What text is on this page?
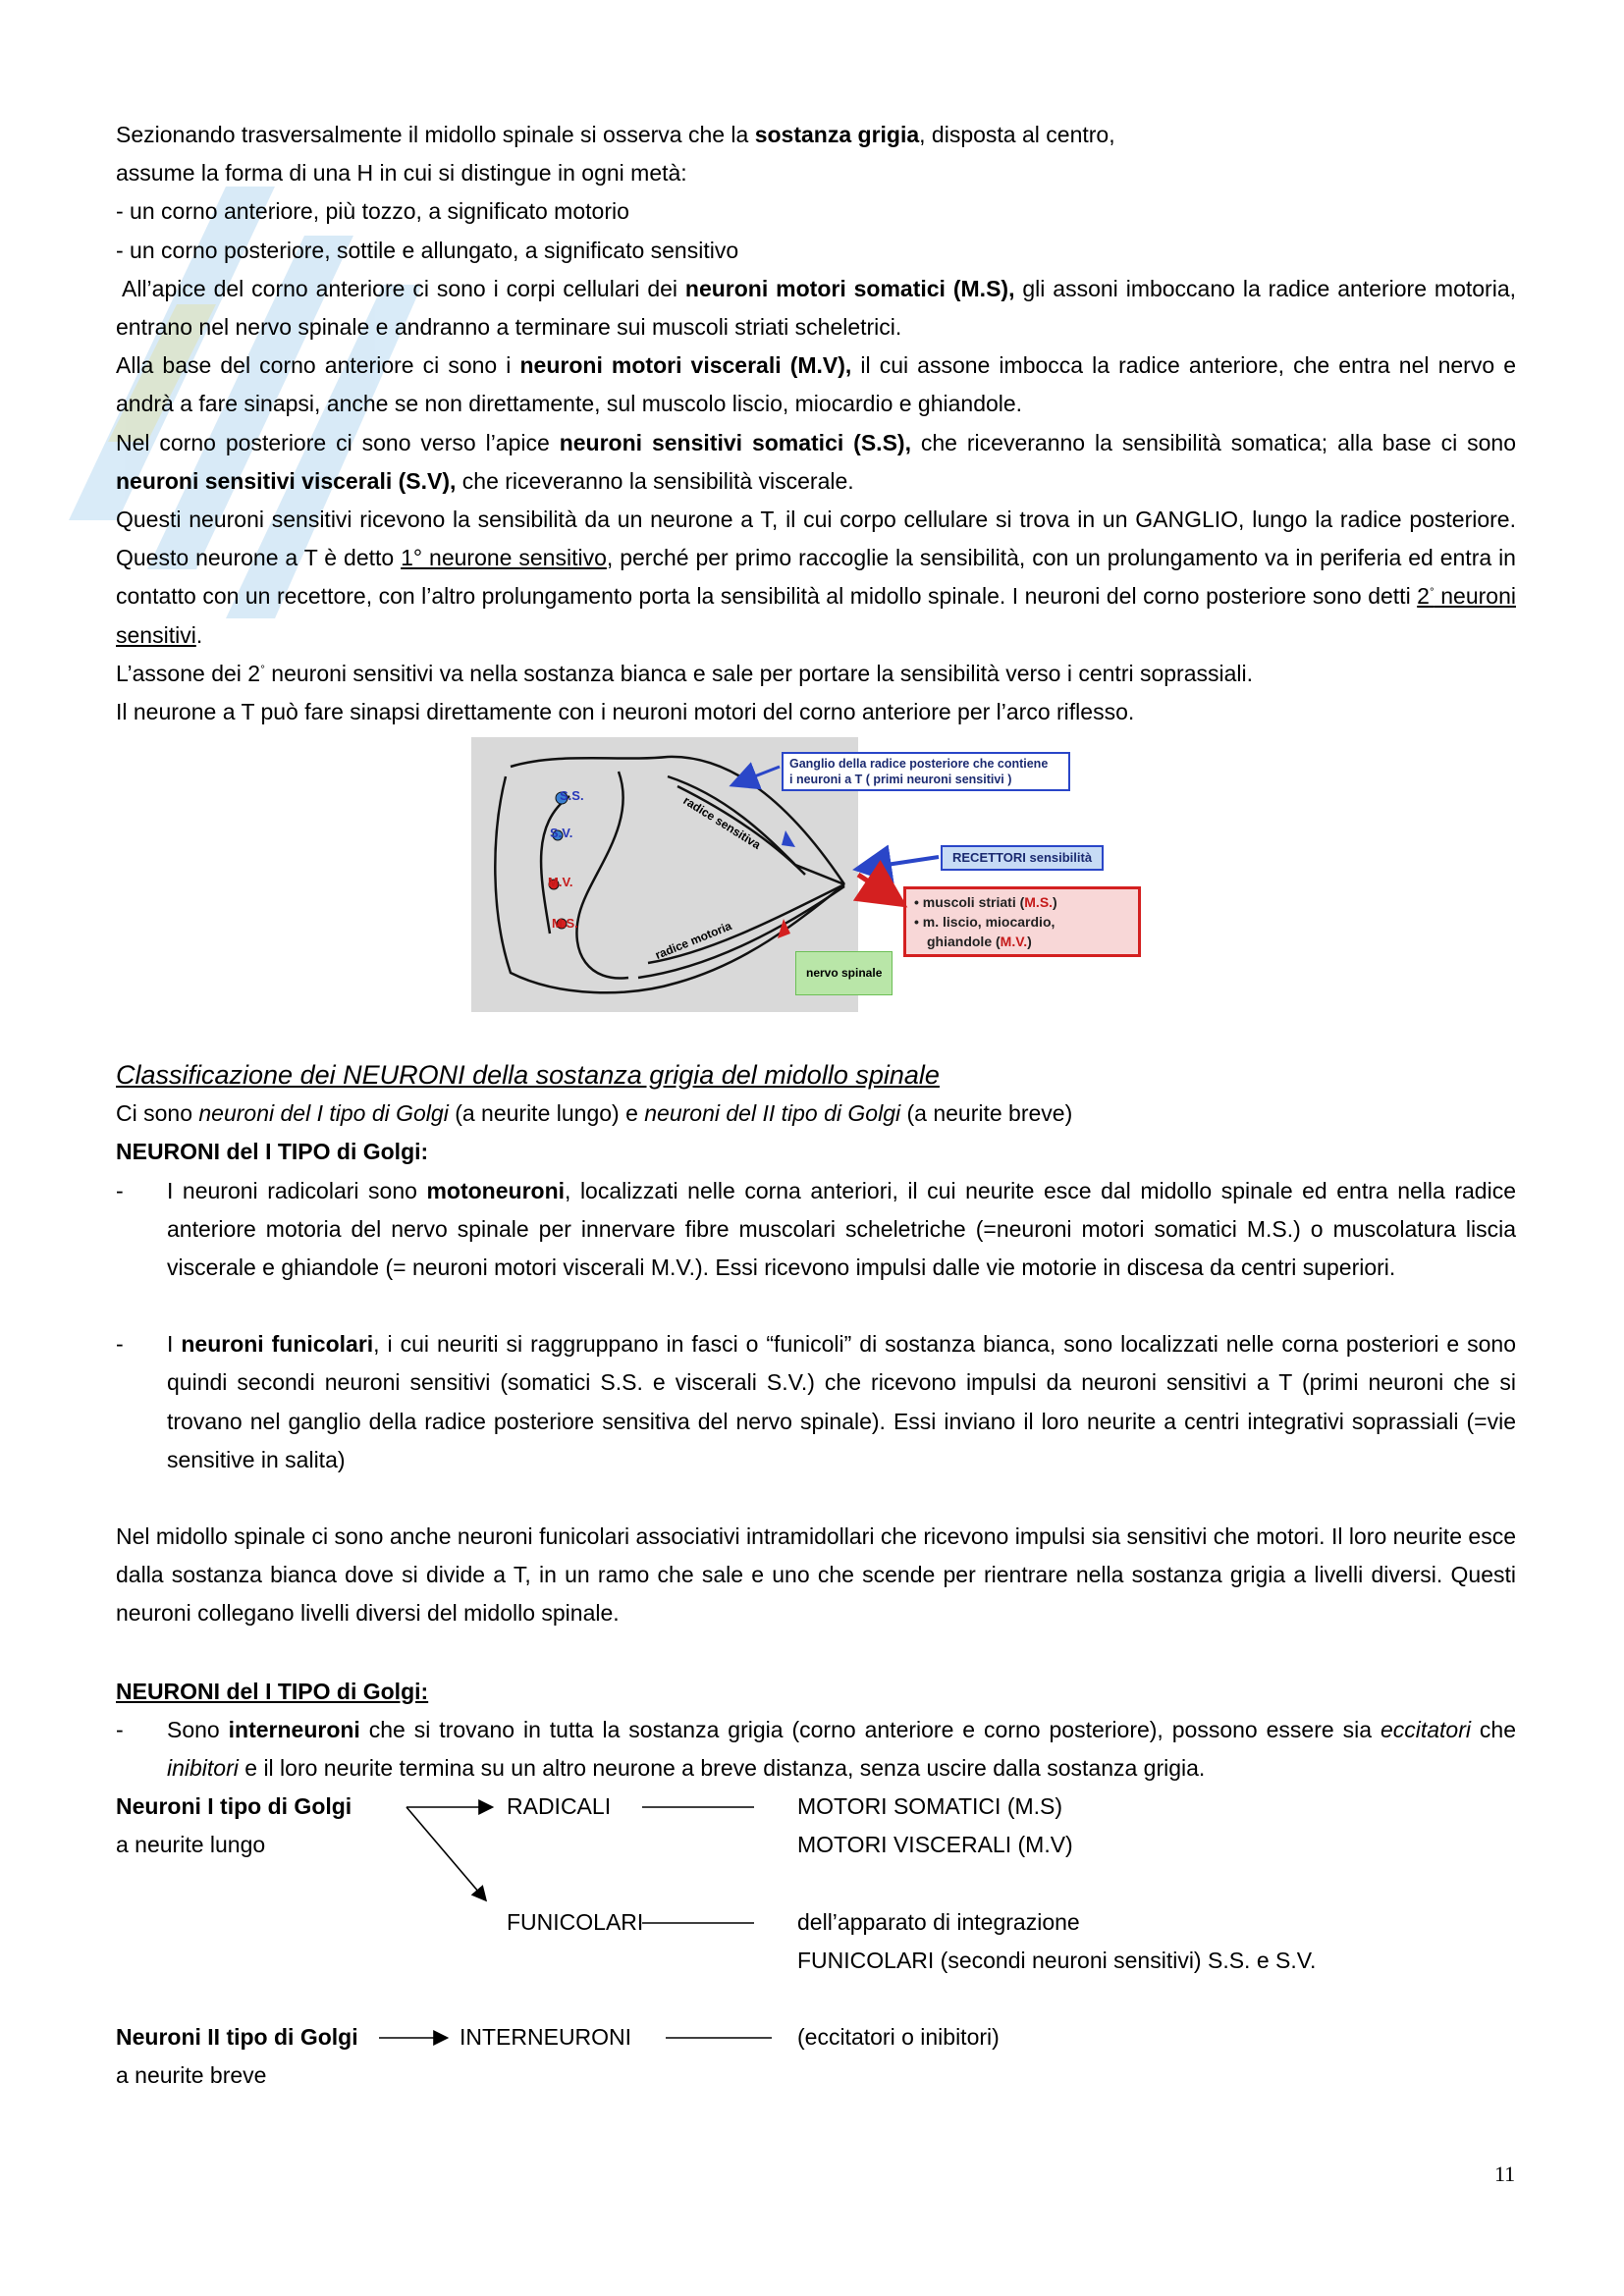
Sezionando trasversalmente il midollo spinale si osserva che la sostanza grigia, disposta al centro,

assume la forma di una H in cui si distingue in ogni metà:

- un corno anteriore, più tozzo, a significato motorio

- un corno posteriore, sottile e allungato, a significato sensitivo

All’apice del corno anteriore ci sono i corpi cellulari dei neuroni motori somatici (M.S), gli assoni imboccano la radice anteriore motoria, entrano nel nervo spinale e andranno a terminare sui muscoli striati scheletrici.

Alla base del corno anteriore ci sono i neuroni motori viscerali (M.V), il cui assone imbocca la radice anteriore, che entra nel nervo e andrà a fare sinapsi, anche se non direttamente, sul muscolo liscio, miocardio e ghiandole.

Nel corno posteriore ci sono verso l’apice neuroni sensitivi somatici (S.S), che riceveranno la sensibilità somatica; alla base ci sono neuroni sensitivi viscerali (S.V), che riceveranno la sensibilità viscerale.

Questi neuroni sensitivi ricevono la sensibilità da un neurone a T, il cui corpo cellulare si trova in un GANGLIO, lungo la radice posteriore. Questo neurone a T è detto 1° neurone sensitivo, perché per primo raccoglie la sensibilità, con un prolungamento va in periferia ed entra in contatto con un recettore, con l’altro prolungamento porta la sensibilità al midollo spinale. I neuroni del corno posteriore sono detti 2° neuroni sensitivi.

L’assone dei 2° neuroni sensitivi va nella sostanza bianca e sale per portare la sensibilità verso i centri soprassiali.

Il neurone a T può fare sinapsi direttamente con i neuroni motori del corno anteriore per l’arco riflesso.

S.S.
S.V.
M.V.
M.S.
radice sensitiva
radice motoria
Ganglio della radice posteriore che contiene
i neuroni a T ( primi neuroni sensitivi )
RECETTORI sensibilità
• muscoli striati (M.S.)
• m. liscio, miocardio,
ghiandole (M.V.)
nervo spinale

Classificazione dei NEURONI della sostanza grigia del midollo spinale

Ci sono neuroni del I tipo di Golgi (a neurite lungo) e neuroni del II tipo di Golgi (a neurite breve)

NEURONI del I TIPO di Golgi:

- I neuroni radicolari sono motoneuroni, localizzati nelle corna anteriori, il cui neurite esce dal midollo spinale ed entra nella radice anteriore motoria del nervo spinale per innervare fibre muscolari scheletriche (=neuroni motori somatici M.S.) o muscolatura liscia viscerale e ghiandole (= neuroni motori viscerali M.V.). Essi ricevono impulsi dalle vie motorie in discesa da centri superiori.

- I neuroni funicolari, i cui neuriti si raggruppano in fasci o “funicoli” di sostanza bianca, sono localizzati nelle corna posteriori e sono quindi secondi neuroni sensitivi (somatici S.S. e viscerali S.V.) che ricevono impulsi da neuroni sensitivi a T (primi neuroni che si trovano nel ganglio della radice posteriore sensitiva del nervo spinale). Essi inviano il loro neurite a centri integrativi soprassiali (=vie sensitive in salita)

Nel midollo spinale ci sono anche neuroni funicolari associativi intramidollari che ricevono impulsi sia sensitivi che motori. Il loro neurite esce dalla sostanza bianca dove si divide a T, in un ramo che sale e uno che scende per rientrare nella sostanza grigia a livelli diversi. Questi neuroni collegano livelli diversi del midollo spinale.

NEURONI del I TIPO di Golgi:

- Sono interneuroni che si trovano in tutta la sostanza grigia (corno anteriore e corno posteriore), possono essere sia eccitatori che inibitori e il loro neurite termina su un altro neurone a breve distanza, senza uscire dalla sostanza grigia.

Neuroni I tipo di Golgi
a neurite lungo
RADICALI	MOTORI SOMATICI (M.S)
MOTORI VISCERALI (M.V)
FUNICOLARI	dell’apparato di integrazione
FUNICOLARI (secondi neuroni sensitivi) S.S. e S.V.
Neuroni II tipo di Golgi
a neurite breve
INTERNEURONI	(eccitatori o inibitori)
11
